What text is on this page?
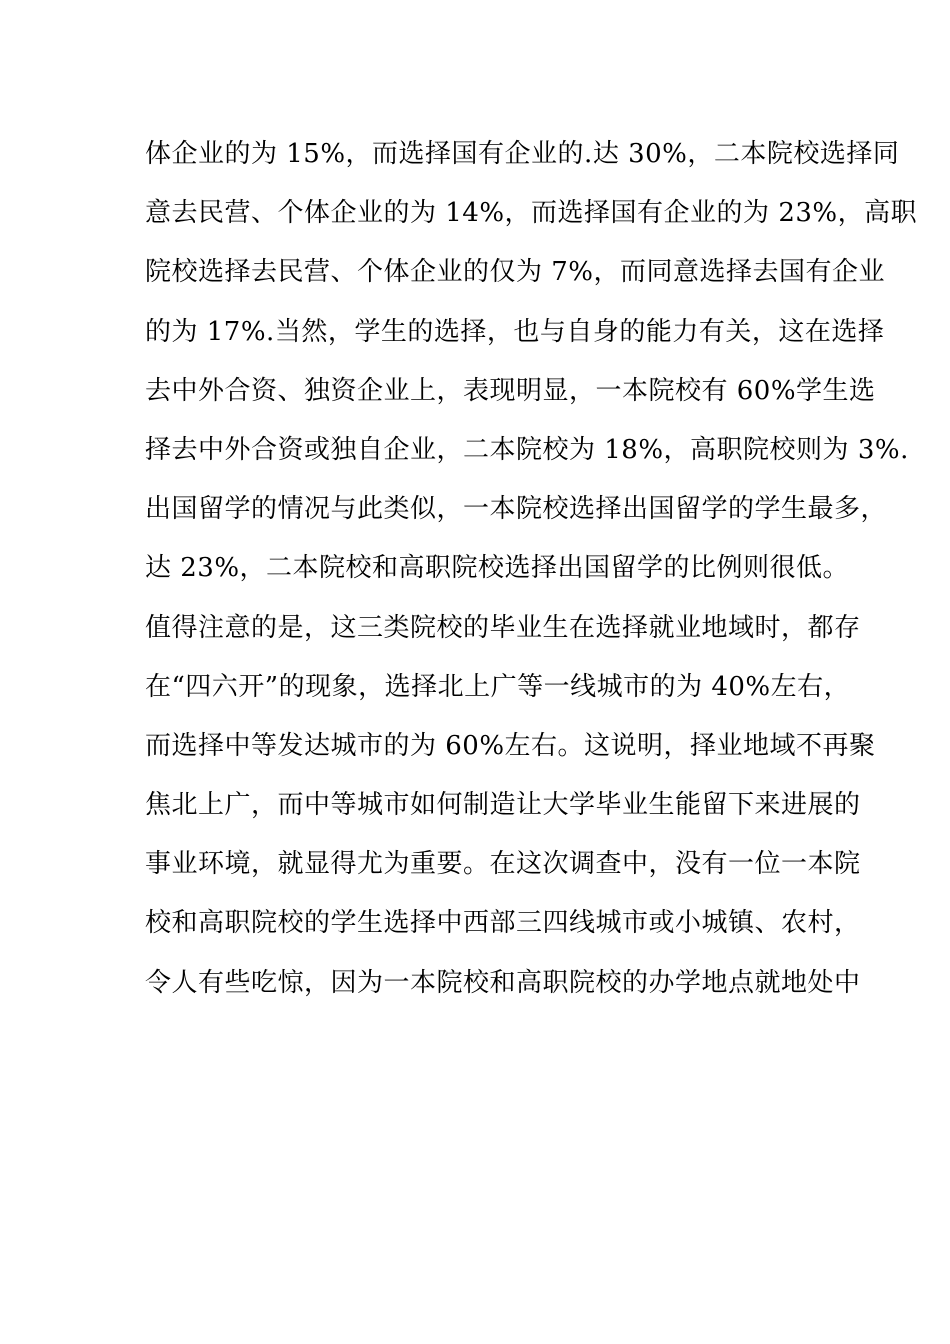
体企业的为 15%，而选择国有企业的.达 30%，二本院校选择同
意去民营、个体企业的为 14%，而选择国有企业的为 23%，高职
院校选择去民营、个体企业的仅为 7%，而同意选择去国有企业
的为 17%.当然，学生的选择，也与自身的能力有关，这在选择
去中外合资、独资企业上，表现明显，一本院校有 60%学生选
择去中外合资或独自企业，二本院校为 18%，高职院校则为 3%.
出国留学的情况与此类似，一本院校选择出国留学的学生最多，
达 23%，二本院校和高职院校选择出国留学的比例则很低。
值得注意的是，这三类院校的毕业生在选择就业地域时，都存
在“四六开”的现象，选择北上广等一线城市的为 40%左右，
而选择中等发达城市的为 60%左右。这说明，择业地域不再聚
焦北上广，而中等城市如何制造让大学毕业生能留下来进展的
事业环境，就显得尤为重要。在这次调查中，没有一位一本院
校和高职院校的学生选择中西部三四线城市或小城镇、农村，
令人有些吃惊，因为一本院校和高职院校的办学地点就地处中
